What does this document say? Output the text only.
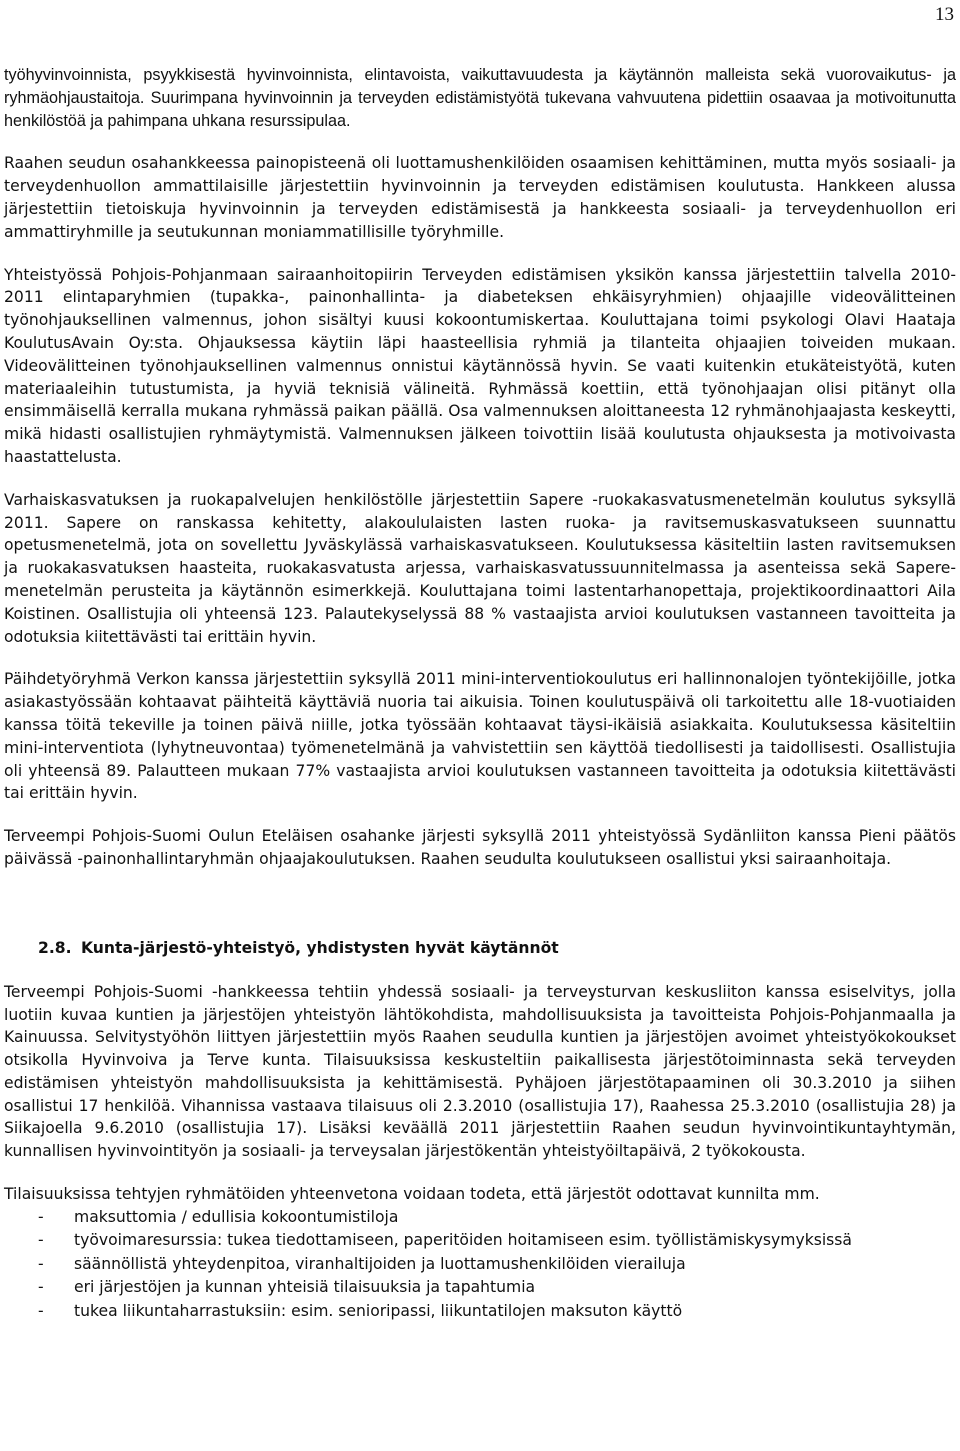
13

työhyvinvoinnista, psyykkisestä hyvinvoinnista, elintavoista, vaikuttavuudesta ja käytännön malleista sekä vuorovaikutus- ja ryhmäohjaustaitoja. Suurimpana hyvinvoinnin ja terveyden edistämistyötä tukevana vahvuutena pidettiin osaavaa ja motivoitunutta henkilöstöä ja pahimpana uhkana resurssipulaa.

Raahen seudun osahankkeessa painopisteenä oli luottamushenkilöiden osaamisen kehittäminen, mutta myös sosiaali- ja terveydenhuollon ammattilaisille järjestettiin hyvinvoinnin ja terveyden edistämisen koulutusta. Hankkeen alussa järjestettiin tietoiskuja hyvinvoinnin ja terveyden edistämisestä ja hankkeesta sosiaali- ja terveydenhuollon eri ammattiryhmille ja seutukunnan moniammatillisille työryhmille.

Yhteistyössä Pohjois-Pohjanmaan sairaanhoitopiirin Terveyden edistämisen yksikön kanssa järjestettiin talvella 2010-2011 elintaparyhmien (tupakka-, painonhallinta- ja diabeteksen ehkäisyryhmien) ohjaajille videovälitteinen työnohjauksellinen valmennus, johon sisältyi kuusi kokoontumiskertaa. Kouluttajana toimi psykologi Olavi Haataja KoulutusAvain Oy:sta. Ohjauksessa käytiin läpi haasteellisia ryhmiä ja tilanteita ohjaajien toiveiden mukaan. Videovälitteinen työnohjauksellinen valmennus onnistui käytännössä hyvin. Se vaati kuitenkin etukäteistyötä, kuten materiaaleihin tutustumista, ja hyviä teknisiä välineitä. Ryhmässä koettiin, että työnohjaajan olisi pitänyt olla ensimmäisellä kerralla mukana ryhmässä paikan päällä. Osa valmennuksen aloittaneesta 12 ryhmänohjaajasta keskeytti, mikä hidasti osallistujien ryhmäytymistä. Valmennuksen jälkeen toivottiin lisää koulutusta ohjauksesta ja motivoivasta haastattelusta.

Varhaiskasvatuksen ja ruokapalvelujen henkilöstölle järjestettiin Sapere -ruokakasvatusmenetelmän koulutus syksyllä 2011. Sapere on ranskassa kehitetty, alakoululaisten lasten ruoka- ja ravitsemuskasvatukseen suunnattu opetusmenetelmä, jota on sovellettu Jyväskylässä varhaiskasvatukseen. Koulutuksessa käsiteltiin lasten ravitsemuksen ja ruokakasvatuksen haasteita, ruokakasvatusta arjessa, varhaiskasvatussuunnitelmassa ja asenteissa sekä Sapere-menetelmän perusteita ja käytännön esimerkkejä. Kouluttajana toimi lastentarhanopettaja, projektikoordinaattori Aila Koistinen. Osallistujia oli yhteensä 123. Palautekyselyssä 88 % vastaajista arvioi koulutuksen vastanneen tavoitteita ja odotuksia kiitettävästi tai erittäin hyvin.

Päihdetyöryhmä Verkon kanssa järjestettiin syksyllä 2011 mini-interventiokoulutus eri hallinnonalojen työntekijöille, jotka asiakastyössään kohtaavat päihteitä käyttäviä nuoria tai aikuisia. Toinen koulutuspäivä oli tarkoitettu alle 18-vuotiaiden kanssa töitä tekeville ja toinen päivä niille, jotka työssään kohtaavat täysi-ikäisiä asiakkaita. Koulutuksessa käsiteltiin mini-interventiota (lyhytneuvontaa) työmenetelmänä ja vahvistettiin sen käyttöä tiedollisesti ja taidollisesti. Osallistujia oli yhteensä 89. Palautteen mukaan 77% vastaajista arvioi koulutuksen vastanneen tavoitteita ja odotuksia kiitettävästi tai erittäin hyvin.

Terveempi Pohjois-Suomi Oulun Eteläisen osahanke järjesti syksyllä 2011 yhteistyössä Sydänliiton kanssa Pieni päätös päivässä -painonhallintaryhmän ohjaajakoulutuksen. Raahen seudulta koulutukseen osallistui yksi sairaanhoitaja.

2.8. Kunta-järjestö-yhteistyö, yhdistysten hyvät käytännöt

Terveempi Pohjois-Suomi -hankkeessa tehtiin yhdessä sosiaali- ja terveysturvan keskusliiton kanssa esiselvitys, jolla luotiin kuvaa kuntien ja järjestöjen yhteistyön lähtökohdista, mahdollisuuksista ja tavoitteista Pohjois-Pohjanmaalla ja Kainuussa. Selvitystyöhön liittyen järjestettiin myös Raahen seudulla kuntien ja järjestöjen avoimet yhteistyökokoukset otsikolla Hyvinvoiva ja Terve kunta. Tilaisuuksissa keskusteltiin paikallisesta järjestötoiminnasta sekä terveyden edistämisen yhteistyön mahdollisuuksista ja kehittämisestä. Pyhäjoen järjestötapaaminen oli 30.3.2010 ja siihen osallistui 17 henkilöä. Vihannissa vastaava tilaisuus oli 2.3.2010 (osallistujia 17), Raahessa 25.3.2010 (osallistujia 28) ja Siikajoella 9.6.2010 (osallistujia 17). Lisäksi keväällä 2011 järjestettiin Raahen seudun hyvinvointikuntayhtymän, kunnallisen hyvinvointityön ja sosiaali- ja terveysalan järjestökentän yhteistyöiltapäivä, 2 työkokousta.

Tilaisuuksissa tehtyjen ryhmätöiden yhteenvetona voidaan todeta, että järjestöt odottavat kunnilta mm.

- maksuttomia / edullisia kokoontumistiloja
- työvoimaresurssia: tukea tiedottamiseen, paperitöiden hoitamiseen esim. työllistämiskysymyksissä
- säännöllistä yhteydenpitoa, viranhaltijoiden ja luottamushenkilöiden vierailuja
- eri järjestöjen ja kunnan yhteisiä tilaisuuksia ja tapahtumia
- tukea liikuntaharrastuksiin: esim. senioripassi, liikuntatilojen maksuton käyttö
